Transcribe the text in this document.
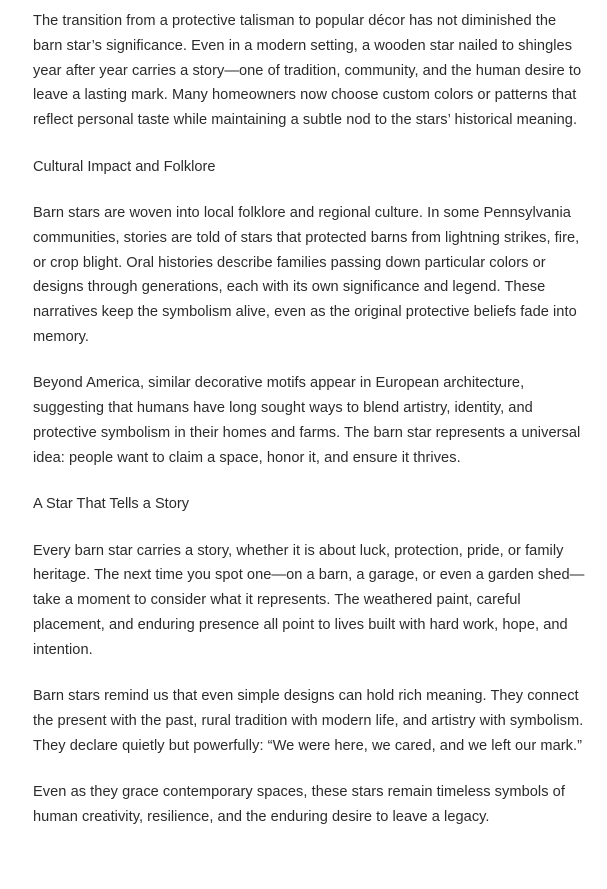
The transition from a protective talisman to popular décor has not diminished the barn star’s significance. Even in a modern setting, a wooden star nailed to shingles year after year carries a story—one of tradition, community, and the human desire to leave a lasting mark. Many homeowners now choose custom colors or patterns that reflect personal taste while maintaining a subtle nod to the stars’ historical meaning.

Cultural Impact and Folklore

Barn stars are woven into local folklore and regional culture. In some Pennsylvania communities, stories are told of stars that protected barns from lightning strikes, fire, or crop blight. Oral histories describe families passing down particular colors or designs through generations, each with its own significance and legend. These narratives keep the symbolism alive, even as the original protective beliefs fade into memory.

Beyond America, similar decorative motifs appear in European architecture, suggesting that humans have long sought ways to blend artistry, identity, and protective symbolism in their homes and farms. The barn star represents a universal idea: people want to claim a space, honor it, and ensure it thrives.

A Star That Tells a Story

Every barn star carries a story, whether it is about luck, protection, pride, or family heritage. The next time you spot one—on a barn, a garage, or even a garden shed—take a moment to consider what it represents. The weathered paint, careful placement, and enduring presence all point to lives built with hard work, hope, and intention.

Barn stars remind us that even simple designs can hold rich meaning. They connect the present with the past, rural tradition with modern life, and artistry with symbolism. They declare quietly but powerfully: “We were here, we cared, and we left our mark.”

Even as they grace contemporary spaces, these stars remain timeless symbols of human creativity, resilience, and the enduring desire to leave a legacy.
